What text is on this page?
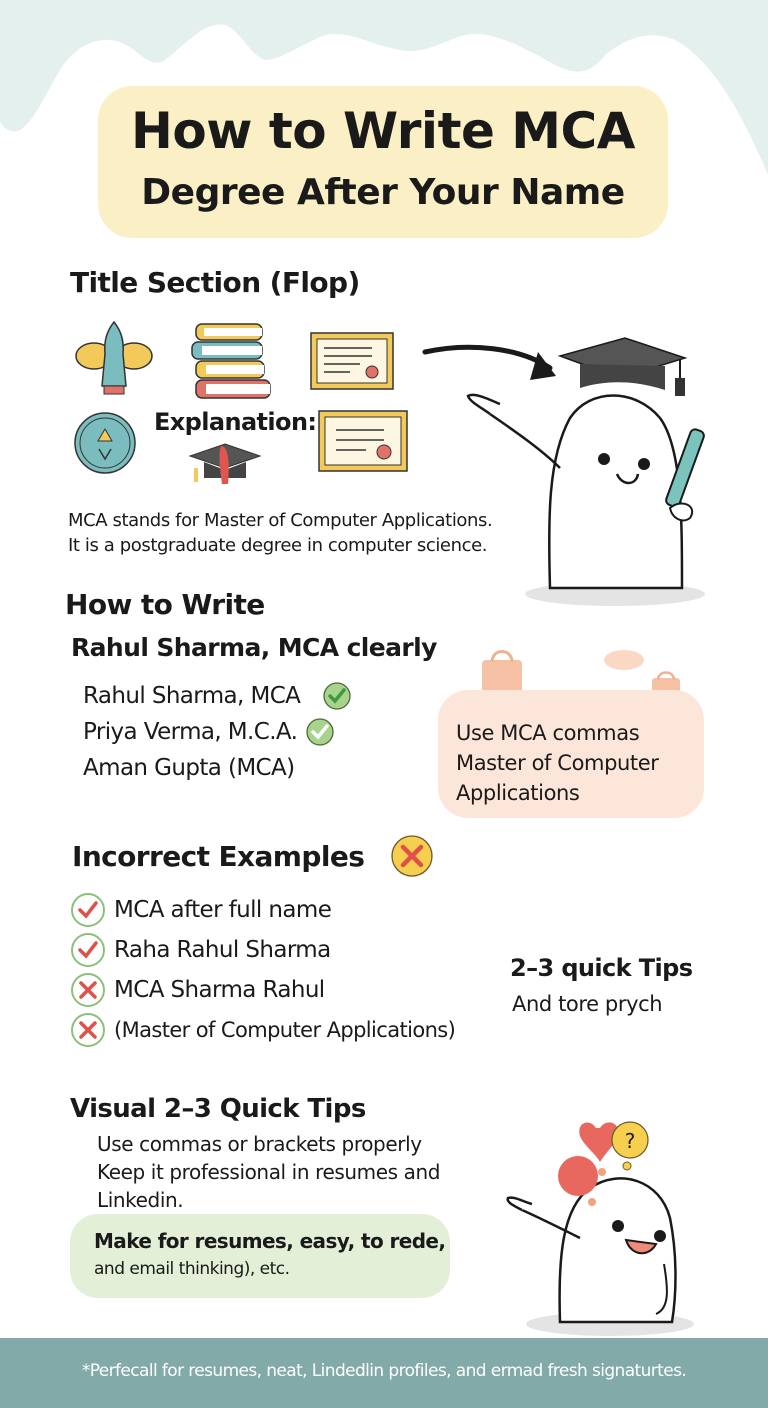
How to Write MCA
Degree After Your Name
Title Section (Flop)
Explanation:
MCA stands for Master of Computer Applications.
It is a postgraduate degree in computer science.
How to Write
Rahul Sharma, MCA clearly
Rahul Sharma, MCA
Priya Verma, M.C.A.
Aman Gupta (MCA)
Use MCA commas
Master of Computer
Applications
Incorrect Examples
MCA after full name
Raha Rahul Sharma
MCA Sharma Rahul
(Master of Computer Applications)
2–3 quick Tips
And tore prych
Visual 2–3 Quick Tips
Use commas or brackets properly
Keep it professional in resumes and
Linkedin.
Make for resumes, easy, to rede,
and email thinking), etc.
?
*Perfecall for resumes, neat, Lindedlin profiles, and ermad fresh signaturtes.
